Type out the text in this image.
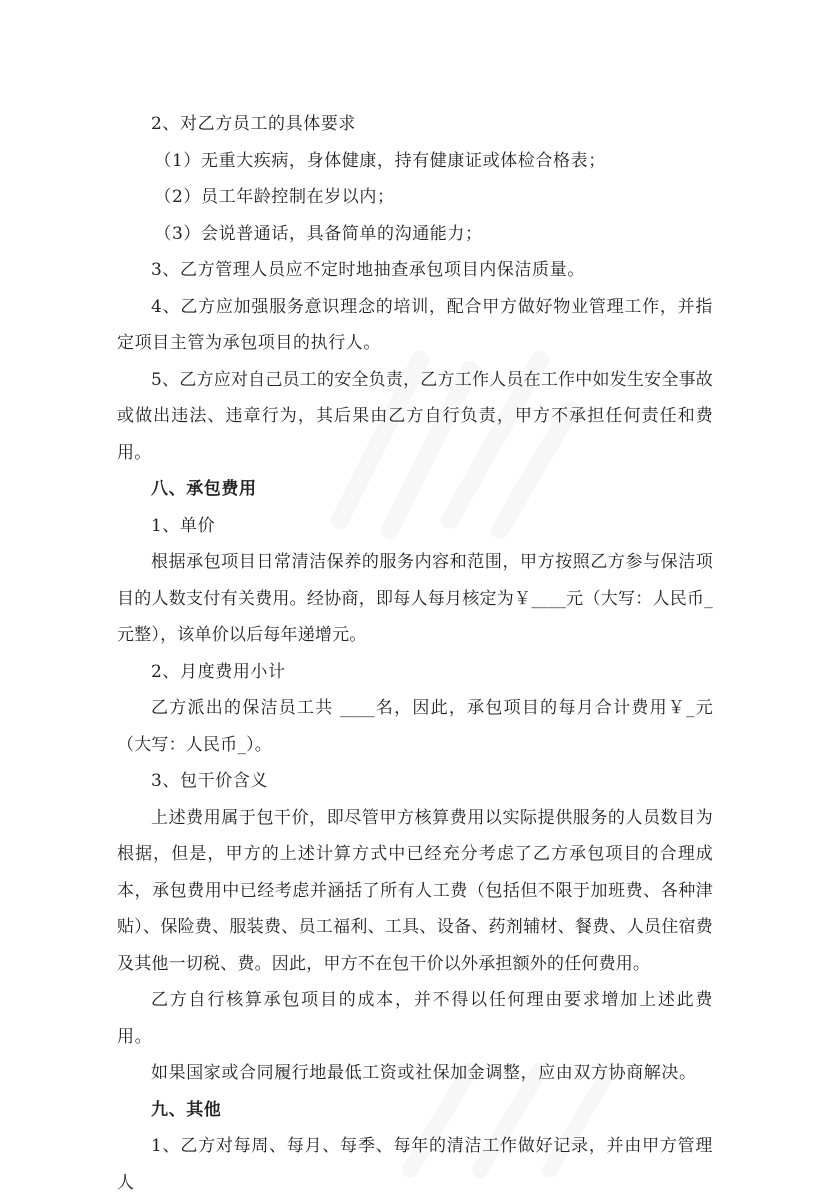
2、对乙方员工的具体要求

（1）无重大疾病，身体健康，持有健康证或体检合格表；

（2）员工年龄控制在岁以内；

（3）会说普通话，具备简单的沟通能力；

3、乙方管理人员应不定时地抽查承包项目内保洁质量。

4、乙方应加强服务意识理念的培训，配合甲方做好物业管理工作，并指定项目主管为承包项目的执行人。

5、乙方应对自己员工的安全负责，乙方工作人员在工作中如发生安全事故或做出违法、违章行为，其后果由乙方自行负责，甲方不承担任何责任和费用。

八、承包费用

1、单价

根据承包项目日常清洁保养的服务内容和范围，甲方按照乙方参与保洁项目的人数支付有关费用。经协商，即每人每月核定为￥____元（大写：人民币_元整），该单价以后每年递增元。

2、月度费用小计

乙方派出的保洁员工共 ____名，因此，承包项目的每月合计费用￥_元（大写：人民币_）。

3、包干价含义

上述费用属于包干价，即尽管甲方核算费用以实际提供服务的人员数目为根据，但是，甲方的上述计算方式中已经充分考虑了乙方承包项目的合理成本，承包费用中已经考虑并涵括了所有人工费（包括但不限于加班费、各种津贴）、保险费、服装费、员工福利、工具、设备、药剂辅材、餐费、人员住宿费及其他一切税、费。因此，甲方不在包干价以外承担额外的任何费用。

乙方自行核算承包项目的成本，并不得以任何理由要求增加上述此费用。

如果国家或合同履行地最低工资或社保加金调整，应由双方协商解决。

九、其他

1、乙方对每周、每月、每季、每年的清洁工作做好记录，并由甲方管理人
